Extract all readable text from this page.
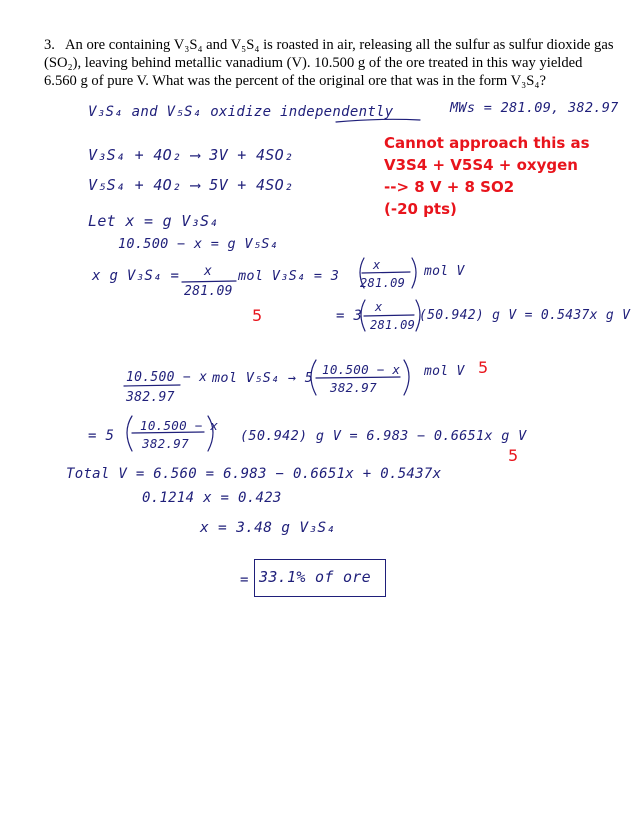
3. An ore containing V₃S₄ and V₅S₄ is roasted in air, releasing all the sulfur as sulfur dioxide gas (SO₂), leaving behind metallic vanadium (V). 10.500 g of the ore treated in this way yielded 6.560 g of pure V. What was the percent of the original ore that was in the form V₃S₄?

V₃S₄ and V₅S₄ oxidize independently	MWs = 281.09, 382.97
V₃S₄ + 4O₂ ⟶ 3V + 4SO₂
V₅S₄ + 4O₂ ⟶ 5V + 4SO₂
Let x = g V₃S₄
10.500 − x = g V₅S₄
x g V₃S₄ = x
281.09
mol V₃S₄ = 3
x
281.09
mol V
= 3
x
281.09
(50.942) g V = 0.5437x g V
10.500 − x
382.97
mol V₅S₄ → 5
10.500 − x
382.97
mol V
= 5
10.500 − x
382.97	(50.942) g V = 6.983 − 0.6651x g V
Total V = 6.560 = 6.983 − 0.6651x + 0.5437x
0.1214 x = 0.423
x = 3.48 g V₃S₄
= 33.1% of ore
Cannot approach this as
V3S4 + V5S4 + oxygen
--> 8 V + 8 SO2
(-20 pts)
5
5
5
